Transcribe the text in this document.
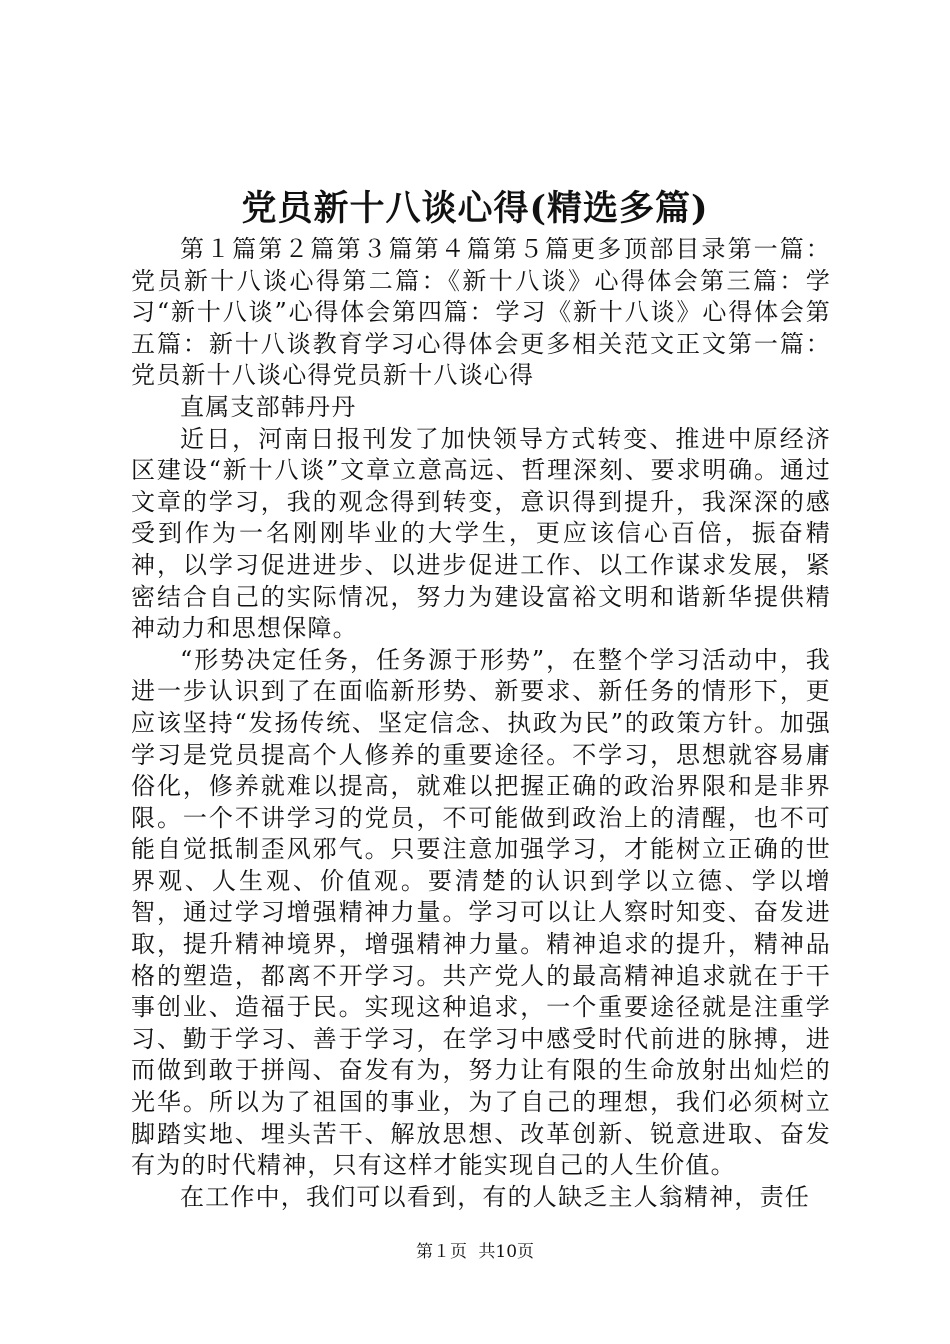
党员新十八谈心得(精选多篇)

第１篇第２篇第３篇第４篇第５篇更多顶部目录第一篇：党员新十八谈心得第二篇：《新十八谈》心得体会第三篇：学习“新十八谈”心得体会第四篇：学习《新十八谈》心得体会第五篇：新十八谈教育学习心得体会更多相关范文正文第一篇：党员新十八谈心得党员新十八谈心得

直属支部韩丹丹

近日，河南日报刊发了加快领导方式转变、推进中原经济区建设“新十八谈”文章立意高远、哲理深刻、要求明确。通过文章的学习，我的观念得到转变，意识得到提升，我深深的感受到作为一名刚刚毕业的大学生，更应该信心百倍，振奋精神，以学习促进进步、以进步促进工作、以工作谋求发展，紧密结合自己的实际情况，努力为建设富裕文明和谐新华提供精神动力和思想保障。

“形势决定任务，任务源于形势”，在整个学习活动中，我进一步认识到了在面临新形势、新要求、新任务的情形下，更应该坚持“发扬传统、坚定信念、执政为民”的政策方针。加强学习是党员提高个人修养的重要途径。不学习，思想就容易庸俗化，修养就难以提高，就难以把握正确的政治界限和是非界限。一个不讲学习的党员，不可能做到政治上的清醒，也不可能自觉抵制歪风邪气。只要注意加强学习，才能树立正确的世界观、人生观、价值观。要清楚的认识到学以立德、学以增智，通过学习增强精神力量。学习可以让人察时知变、奋发进取，提升精神境界，增强精神力量。精神追求的提升，精神品格的塑造，都离不开学习。共产党人的最高精神追求就在于干事创业、造福于民。实现这种追求，一个重要途径就是注重学习、勤于学习、善于学习，在学习中感受时代前进的脉搏，进而做到敢于拼闯、奋发有为，努力让有限的生命放射出灿烂的光华。所以为了祖国的事业，为了自己的理想，我们必须树立脚踏实地、埋头苦干、解放思想、改革创新、锐意进取、奋发有为的时代精神，只有这样才能实现自己的人生价值。

在工作中，我们可以看到，有的人缺乏主人翁精神，责任

第１页 共10页
